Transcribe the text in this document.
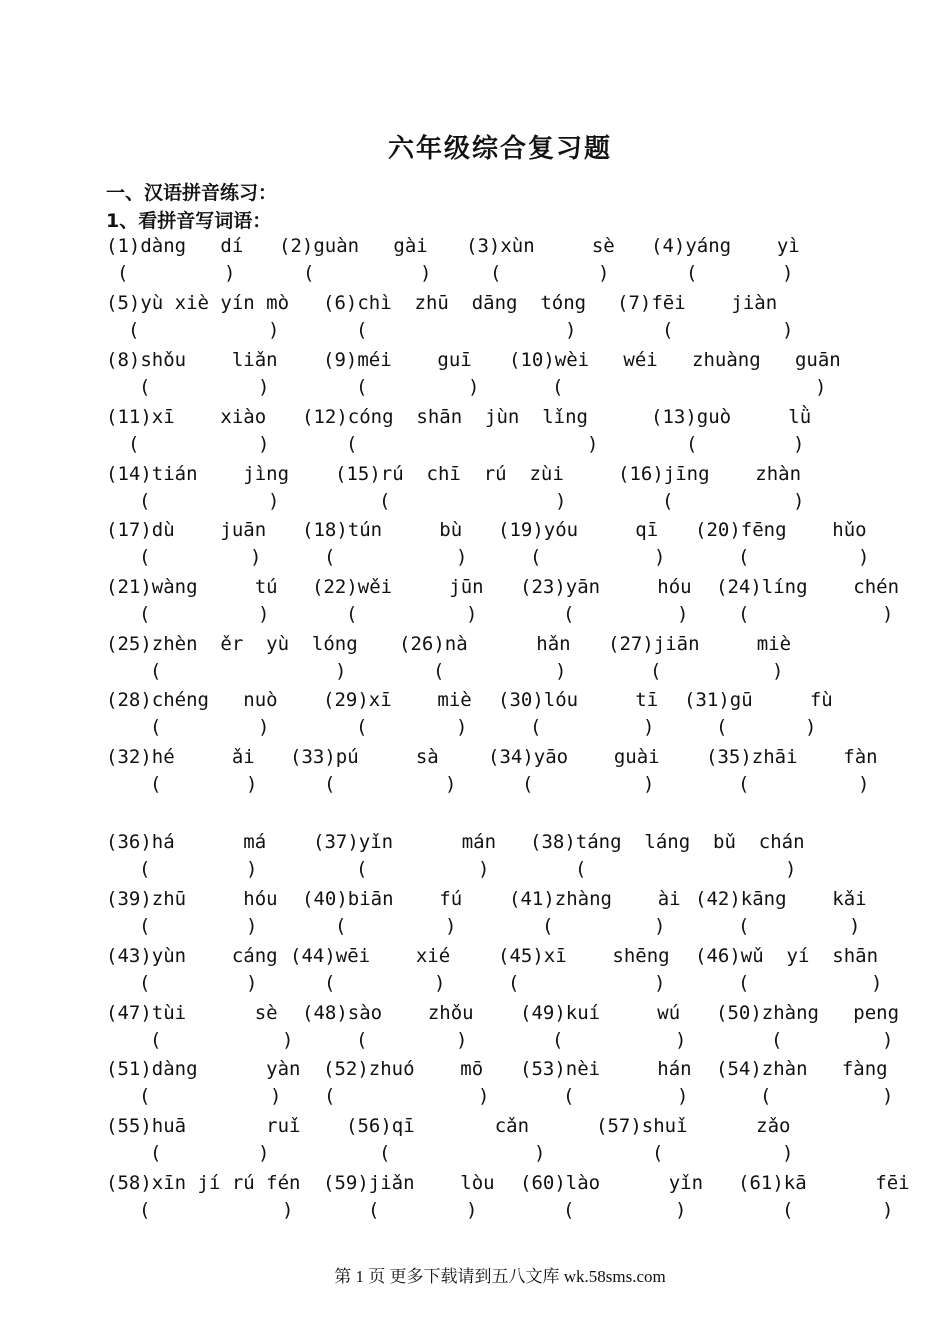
六年级综合复习题
一、汉语拼音练习：
1、看拼音写词语：
(1)dàng   dí
(	)
(2)guàn   gài
(	)
(3)xùn     sè
(	)
(4)yáng    yì
(	)
(5)yù xiè yín mò
(	)
(6)chì  zhū  dāng  tóng
(	)
(7)fēi    jiàn
(	)
(8)shǒu    liǎn
(	)
(9)méi    guī
(	)
(10)wèi   wéi   zhuàng   guān
(	)
(11)xī    xiào
(	)
(12)cóng  shān  jùn  lǐng
(	)
(13)guò     lǜ
(	)
(14)tián    jìng
(	)
(15)rú  chī  rú  zùi
(	)
(16)jīng    zhàn
(	)
(17)dù    juān
(	)
(18)tún     bù
(	)
(19)yóu     qī
(	)
(20)fēng    hǔo
(	)
(21)wàng     tú
(	)
(22)wěi     jūn
(	)
(23)yān     hóu
(	)
(24)líng    chén
(	)
(25)zhèn  ěr  yù  lóng
(	)
(26)nà      hǎn
(	)
(27)jiān     miè
(	)
(28)chéng   nuò
(	)
(29)xī    miè
(	)
(30)lóu     tī
(	)
(31)gū     fù
(	)
(32)hé     ǎi
(	)
(33)pú     sà
(	)
(34)yāo    guài
(	)
(35)zhāi    fàn
(	)
(36)há      má
(	)
(37)yǐn      mán
(	)
(38)táng  láng  bǔ  chán
(	)
(39)zhū     hóu
(	)
(40)biān    fú
(	)
(41)zhàng    ài
(	)
(42)kāng    kǎi
(	)
(43)yùn    cáng
(	)
(44)wēi    xié
(	)
(45)xī    shēng
(	)
(46)wǔ  yí  shān
(	)
(47)tùi      sè
(	)
(48)sào    zhǒu
(	)
(49)kuí     wú
(	)
(50)zhàng   peng
(	)
(51)dàng      yàn
(	)
(52)zhuó    mō
(	)
(53)nèi     hán
(	)
(54)zhàn   fàng
(	)
(55)huā       ruǐ
(	)
(56)qī       cǎn
(	)
(57)shuǐ      zǎo
(	)
(58)xīn jí rú fén
(	)
(59)jiǎn    lòu
(	)
(60)lào      yǐn
(	)
(61)kā      fēi
(	)
第 1 页 更多下载请到五八文库 wk.58sms.com
